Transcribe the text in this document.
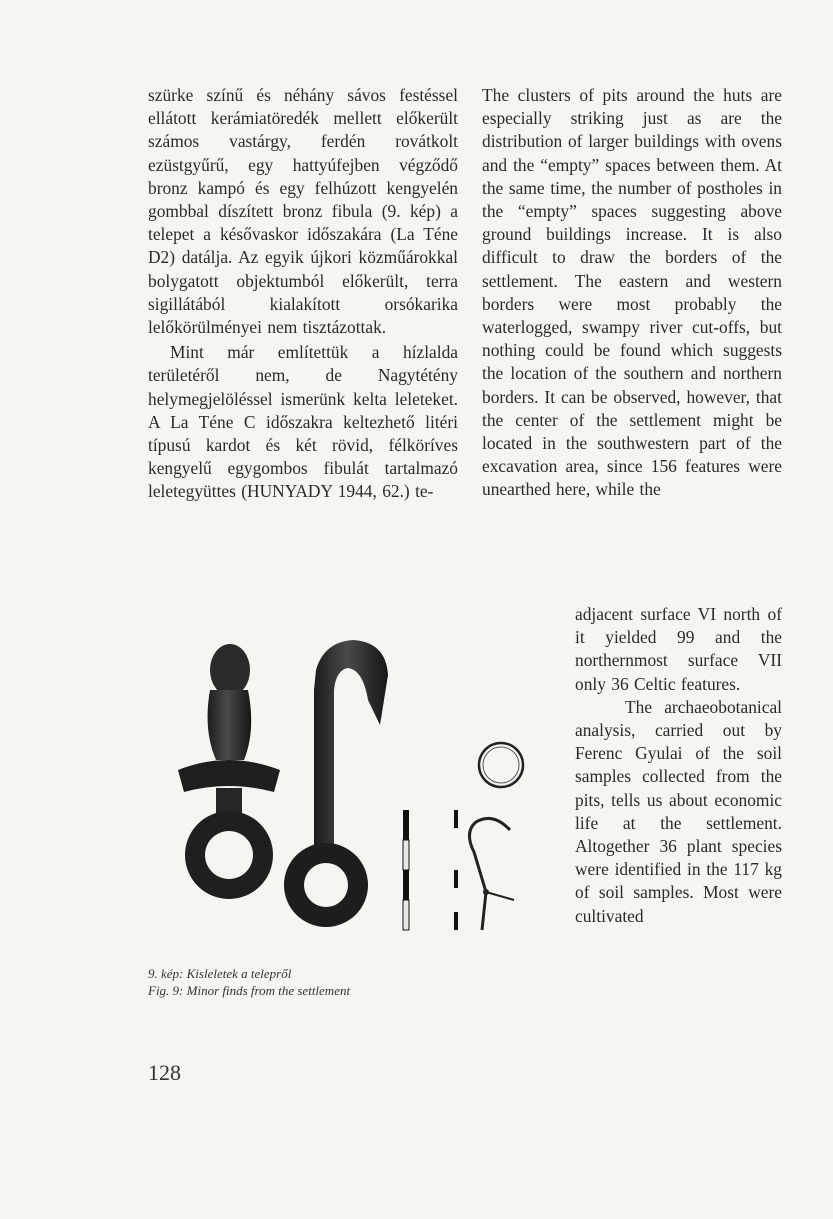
szürke színű és néhány sávos festéssel ellátott kerámiatöredék mellett előkerült számos vastárgy, ferdén rovátkolt ezüstgyűrű, egy hattyúfejben végződő bronz kampó és egy felhúzott kengyelén gombbal díszített bronz fibula (9. kép) a telepet a késővaskor időszakára (La Téne D2) datálja. Az egyik újkori közműárokkal bolygatott objektumból előkerült, terra sigillátából kialakított orsókarika lelőkörülményei nem tisztázottak.

Mint már említettük a hízlalda területéről nem, de Nagytétény helymegjelöléssel ismerünk kelta leleteket. A La Téne C időszakra keltezhető litéri típusú kardot és két rövid, félköríves kengyelű egygombos fibulát tartalmazó leletegyüttes (HUNYADY 1944, 62.) te-

The clusters of pits around the huts are especially striking just as are the distribution of larger buildings with ovens and the “empty” spaces between them. At the same time, the number of postholes in the “empty” spaces suggesting above ground buildings increase. It is also difficult to draw the borders of the settlement. The eastern and western borders were most probably the waterlogged, swampy river cut-offs, but nothing could be found which suggests the location of the southern and northern borders. It can be observed, however, that the center of the settlement might be located in the southwestern part of the excavation area, since 156 features were unearthed here, while the

adjacent surface VI north of it yielded 99 and the northernmost surface VII only 36 Celtic features.

The archaeobotanical analysis, carried out by Ferenc Gyulai of the soil samples collected from the pits, tells us about economic life at the settlement. Altogether 36 plant species were identified in the 117 kg of soil samples. Most were cultivated

9. kép: Kisleletek a telepről
Fig. 9: Minor finds from the settlement
128
